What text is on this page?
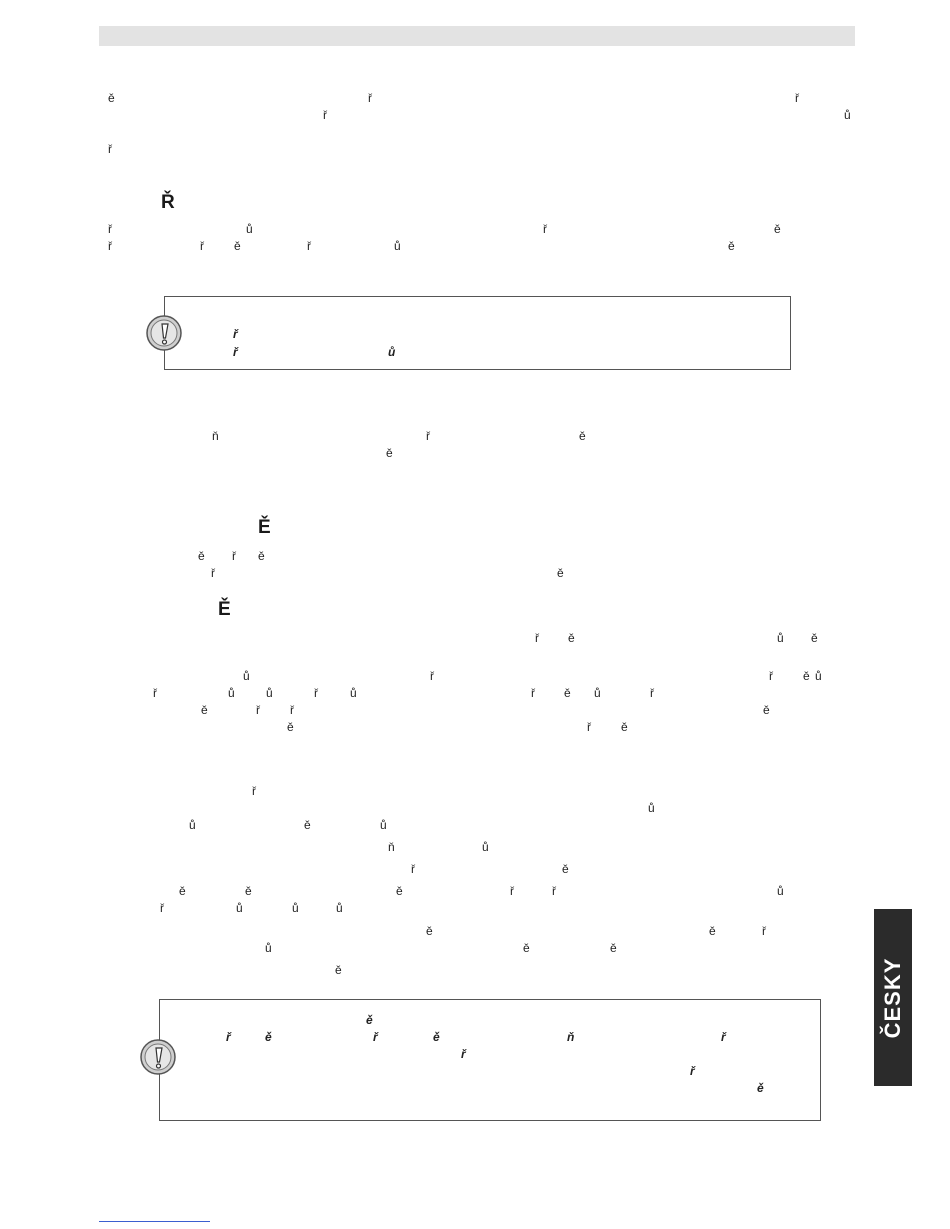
ě	ř	ř
ř	ů
ř
Ř
ř	ů	ř	ě
ř	ř	ě	ř	ů	ě
ř
ř	ů
ň	ř	ě
ě
Ě
ě ř ě
ř	ě
Ě
ř ě	ů ě
ů	ř	ř	ě ů
ř	ů	ů	ř	ů	ř ě ů	ř
ě	ř	ř	ě
ě	ř	ě
ř
ů
ů	ě	ů
ň	ů
ř	ě
ě	ě	ě	ř	ř	ů
ř	ů	ů	ů
ě	ě	ř
ů	ě	ě
ě
ě
ř	ě	ř	ě	ň	ř
ř
ř
ě
ČESKY
